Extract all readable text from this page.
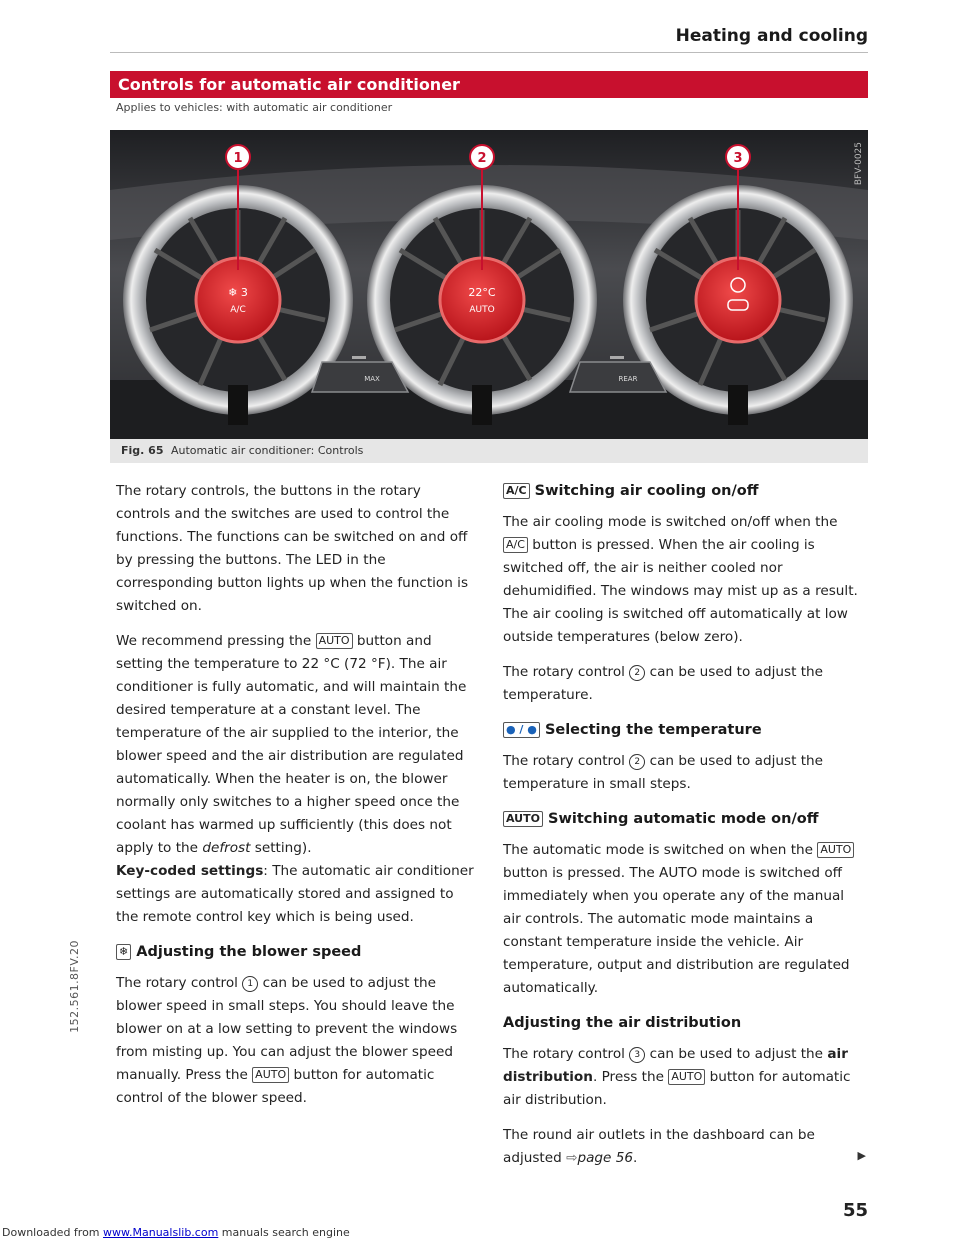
Heating and cooling
Controls for automatic air conditioner
Applies to vehicles: with automatic air conditioner
1	2	3
❄ 3
A/C
22°C
AUTO
MAX	REAR
BFV-0025
Fig. 65 Automatic air conditioner: Controls

The rotary controls, the buttons in the rotary controls and the switches are used to control the functions. The functions can be switched on and off by pressing the buttons. The LED in the corresponding button lights up when the function is switched on.

We recommend pressing the AUTO button and setting the temperature to 22 °C (72 °F). The air conditioner is fully automatic, and will maintain the desired temperature at a constant level. The temperature of the air supplied to the interior, the blower speed and the air distribution are regulated automatically. When the heater is on, the blower normally only switches to a higher speed once the coolant has warmed up sufficiently (this does not apply to the defrost setting).
Key-coded settings: The automatic air conditioner settings are automatically stored and assigned to the remote control key which is being used.

❄ Adjusting the blower speed

The rotary control 1 can be used to adjust the blower speed in small steps. You should leave the blower on at a low setting to prevent the windows from misting up. You can adjust the blower speed manually. Press the AUTO button for automatic control of the blower speed.

A/C Switching air cooling on/off

The air cooling mode is switched on/off when the A/C button is pressed. When the air cooling is switched off, the air is neither cooled nor dehumidified. The windows may mist up as a result. The air cooling is switched off automatically at low outside temperatures (below zero).

The rotary control 2 can be used to adjust the temperature.

● / ● Selecting the temperature

The rotary control 2 can be used to adjust the temperature in small steps.

AUTO Switching automatic mode on/off

The automatic mode is switched on when the AUTO button is pressed. The AUTO mode is switched off immediately when you operate any of the manual air controls. The automatic mode maintains a constant temperature inside the vehicle. Air temperature, output and distribution are regulated automatically.

Adjusting the air distribution

The rotary control 3 can be used to adjust the air distribution. Press the AUTO button for automatic air distribution.

The round air outlets in the dashboard can be adjusted ⇨page 56.	▶
152.561.8FV.20
55
Downloaded from www.Manualslib.com manuals search engine
